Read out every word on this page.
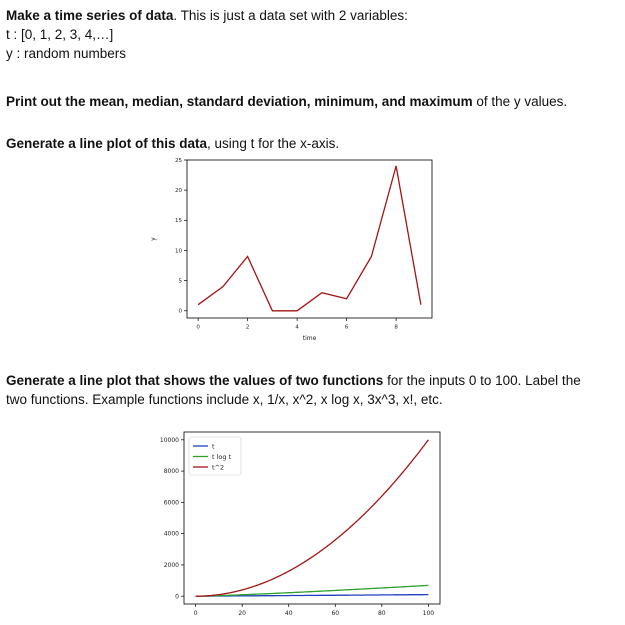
Make a time series of data. This is just a data set with 2 variables:
t : [0, 1, 2, 3, 4,…]
y : random numbers
Print out the mean, median, standard deviation, minimum, and maximum of the y values.
Generate a line plot of this data, using t for the x-axis.
Generate a line plot that shows the values of two functions for the inputs 0 to 100. Label the
two functions. Example functions include x, 1/x, x^2, x log x, 3x^3, x!, etc.
0	2	4	6	8
0
5
10
15
20
25
time
y
0	20	40	60	80	100
0
2000
4000
6000
8000
10000
t
t log t
t^2
